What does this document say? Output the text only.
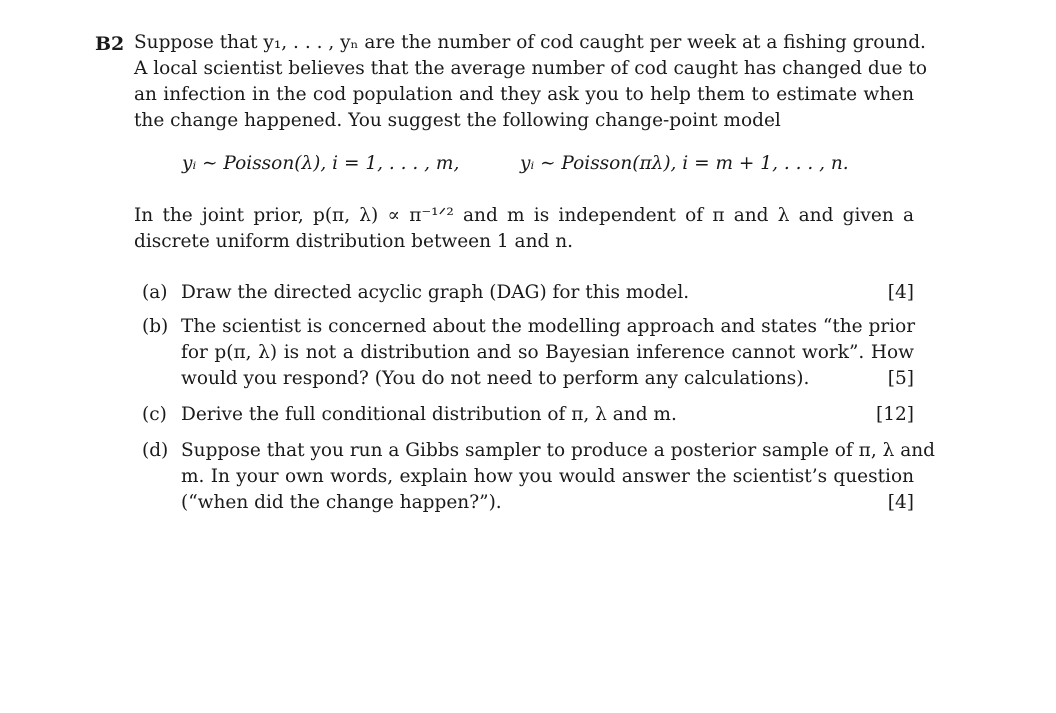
B2 Suppose that y₁, . . . , yₙ are the number of cod caught per week at a fishing ground.
A local scientist believes that the average number of cod caught has changed due to
an infection in the cod population and they ask you to help them to estimate when
the change happened. You suggest the following change-point model
yᵢ ∼ Poisson(λ), i = 1, . . . , m,	yᵢ ∼ Poisson(πλ), i = m + 1, . . . , n.
In the joint prior, p(π, λ) ∝ π⁻¹ᐟ² and m is independent of π and λ and given a
discrete uniform distribution between 1 and n.
(a) Draw the directed acyclic graph (DAG) for this model.	[4]
(b) The scientist is concerned about the modelling approach and states “the prior
for p(π, λ) is not a distribution and so Bayesian inference cannot work”. How
would you respond? (You do not need to perform any calculations).	[5]
(c) Derive the full conditional distribution of π, λ and m.	[12]
(d) Suppose that you run a Gibbs sampler to produce a posterior sample of π, λ and
m. In your own words, explain how you would answer the scientist’s question
(“when did the change happen?”).	[4]
